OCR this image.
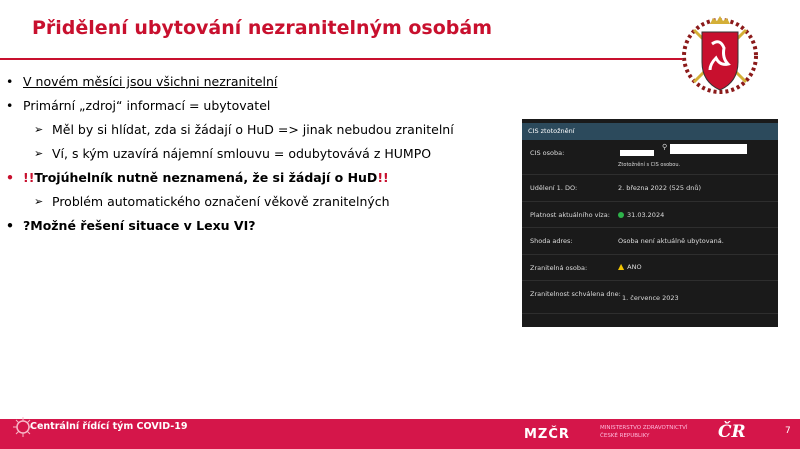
Přidělení ubytování nezranitelným osobám
• V novém měsíci jsou všichni nezranitelní
• Primární „zdroj“ informací = ubytovatel
➢ Měl by si hlídat, zda si žádají o HuD => jinak nebudou zranitelní
➢ Ví, s kým uzavírá nájemní smlouvu = odubytovává z HUMPO
• !!Trojúhelník nutně neznamená, že si žádají o HuD!!
➢ Problém automatického označení věkově zranitelných
• ?Možné řešení situace v Lexu VI?
CIS ztotožnění
CIS osoba:
⚲
Ztotožnění s CIS osobou.
Udělení 1. DO:	2. března 2022 (525 dnů)
Platnost aktuálního víza:	31.03.2024
Shoda adres:	Osoba není aktuálně ubytovaná.
Zranitelná osoba:	▲ ANO
Zranitelnost schválena dne: 1. července 2023
Centrální řídící tým COVID-19
MZČR	MINISTERSTVO ZDRAVOTNICTVÍ
ČESKÉ REPUBLIKY	ČR	7
